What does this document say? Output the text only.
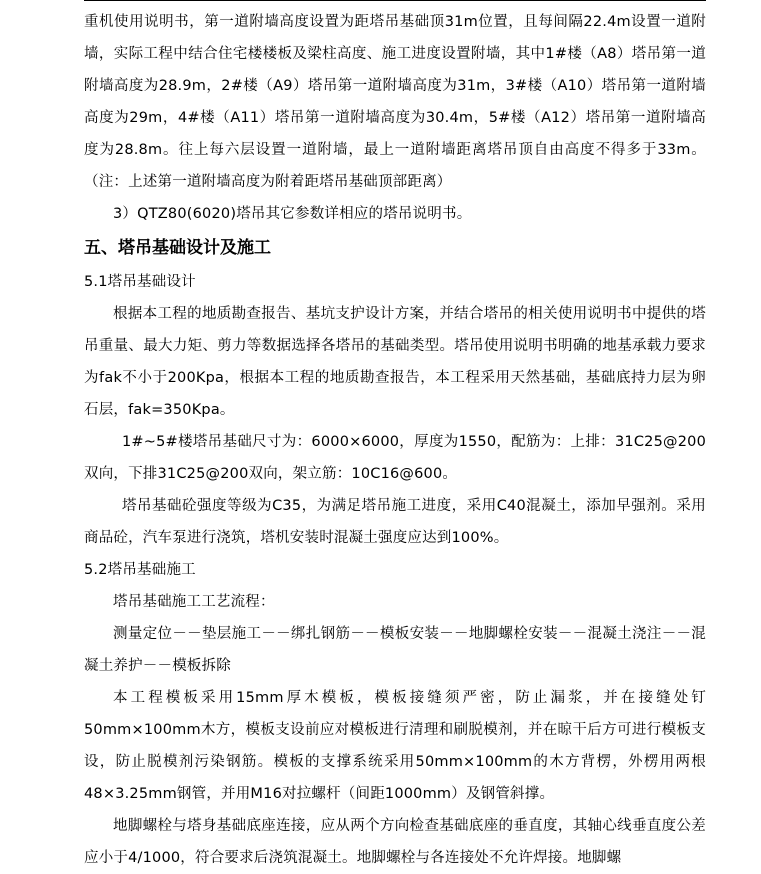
重机使用说明书，第一道附墙高度设置为距塔吊基础顶31m位置，且每间隔22.4m设置一道附墙，实际工程中结合住宅楼楼板及梁柱高度、施工进度设置附墙，其中1#楼（A8）塔吊第一道附墙高度为28.9m，2#楼（A9）塔吊第一道附墙高度为31m，3#楼（A10）塔吊第一道附墙高度为29m，4#楼（A11）塔吊第一道附墙高度为30.4m，5#楼（A12）塔吊第一道附墙高度为28.8m。往上每六层设置一道附墙，最上一道附墙距离塔吊顶自由高度不得多于33m。（注：上述第一道附墙高度为附着距塔吊基础顶部距离）

3）QTZ80(6020)塔吊其它参数详相应的塔吊说明书。

五、塔吊基础设计及施工

5.1塔吊基础设计

根据本工程的地质勘查报告、基坑支护设计方案，并结合塔吊的相关使用说明书中提供的塔吊重量、最大力矩、剪力等数据选择各塔吊的基础类型。塔吊使用说明书明确的地基承载力要求为fak不小于200Kpa，根据本工程的地质勘查报告，本工程采用天然基础，基础底持力层为卵石层，fak=350Kpa。

1#~5#楼塔吊基础尺寸为：6000×6000，厚度为1550，配筋为：上排：31C25@200双向，下排31C25@200双向，架立筋：10C16@600。

塔吊基础砼强度等级为C35，为满足塔吊施工进度，采用C40混凝土，添加早强剂。采用商品砼，汽车泵进行浇筑，塔机安装时混凝土强度应达到100%。

5.2塔吊基础施工

塔吊基础施工工艺流程：

测量定位－－垫层施工－－绑扎钢筋－－模板安装－－地脚螺栓安装－－混凝土浇注－－混凝土养护－－模板拆除

本工程模板采用15mm厚木模板，模板接缝须严密，防止漏浆，并在接缝处钉50mm×100mm木方，模板支设前应对模板进行清理和刷脱模剂，并在晾干后方可进行模板支设，防止脱模剂污染钢筋。模板的支撑系统采用50mm×100mm的木方背楞，外楞用两根48×3.25mm钢管，并用M16对拉螺杆（间距1000mm）及钢管斜撑。

地脚螺栓与塔身基础底座连接，应从两个方向检查基础底座的垂直度，其轴心线垂直度公差应小于4/1000，符合要求后浇筑混凝土。地脚螺栓与各连接处不允许焊接。地脚螺
